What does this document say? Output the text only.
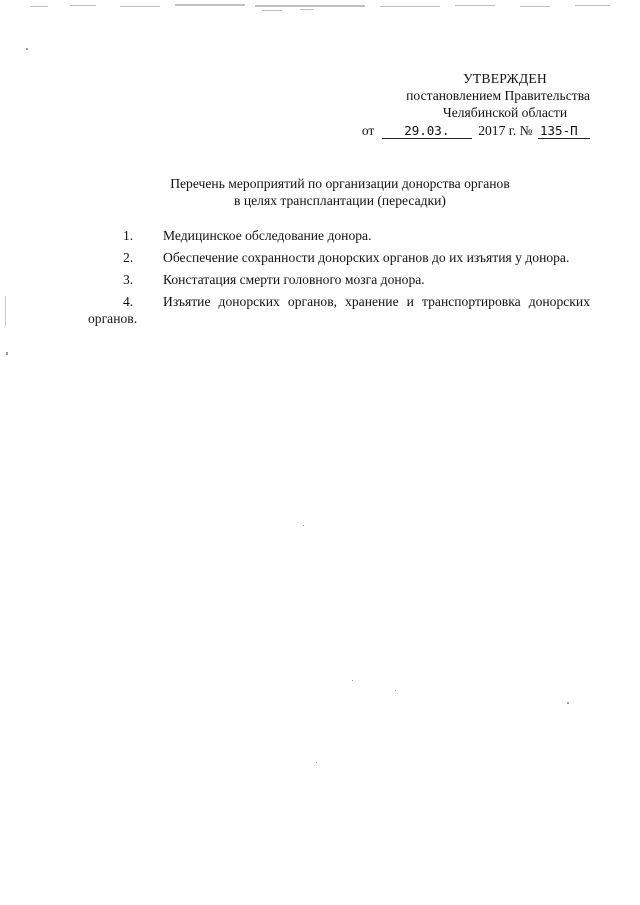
УТВЕРЖДЕН
постановлением Правительства
Челябинской области
от 29.03. 2017 г. № 135-П
Перечень мероприятий по организации донорства органов
в целях трансплантации (пересадки)
1. Медицинское обследование донора.
2. Обеспечение сохранности донорских органов до их изъятия у донора.
3. Констатация смерти головного мозга донора.
4. Изъятие донорских органов, хранение и транспортировка донорских органов.
